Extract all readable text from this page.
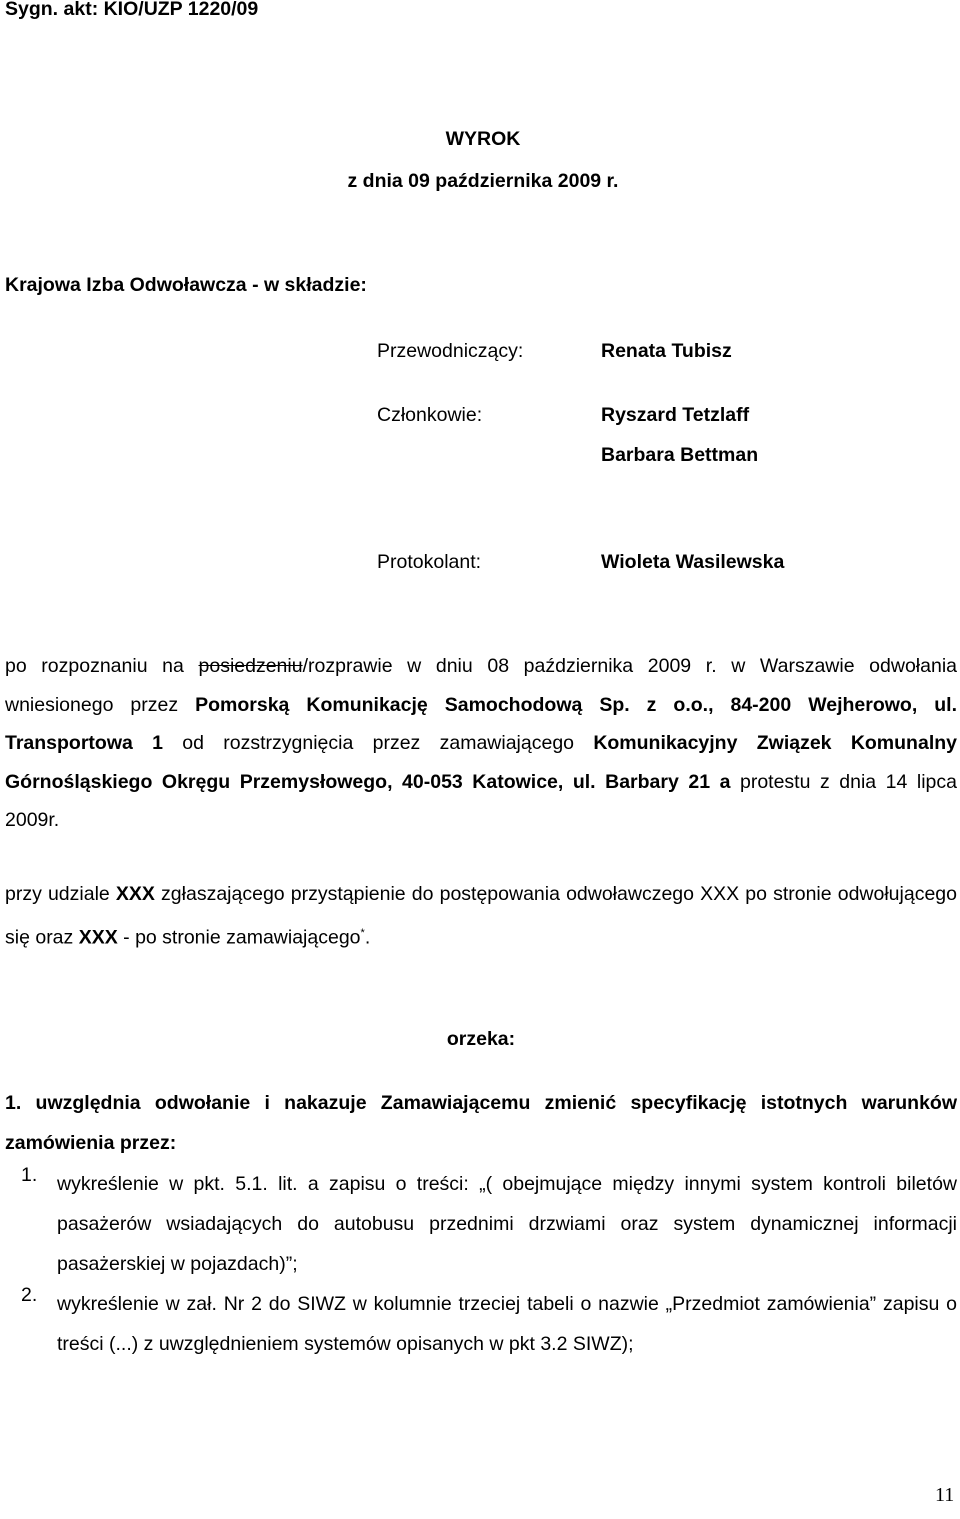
Sygn. akt: KIO/UZP 1220/09
WYROK
z dnia 09 października 2009 r.
Krajowa Izba Odwoławcza - w składzie:
Przewodniczący:	Renata Tubisz
Członkowie:	Ryszard Tetzlaff
Barbara Bettman
Protokolant:	Wioleta Wasilewska
po rozpoznaniu na posiedzeniu/rozprawie w dniu 08 października 2009 r. w Warszawie odwołania wniesionego przez Pomorską Komunikację Samochodową Sp. z o.o., 84-200 Wejherowo, ul. Transportowa 1 od rozstrzygnięcia przez zamawiającego Komunikacyjny Związek Komunalny Górnośląskiego Okręgu Przemysłowego, 40-053 Katowice, ul. Barbary 21 a protestu z dnia 14 lipca 2009r.
przy udziale XXX zgłaszającego przystąpienie do postępowania odwoławczego XXX po stronie odwołującego się oraz XXX - po stronie zamawiającego*.
orzeka:
1. uwzględnia odwołanie i nakazuje Zamawiającemu zmienić specyfikację istotnych warunków zamówienia przez:
1. wykreślenie w pkt. 5.1. lit. a zapisu o treści: „( obejmujące między innymi system kontroli biletów pasażerów wsiadających do autobusu przednimi drzwiami oraz system dynamicznej informacji pasażerskiej w pojazdach)”;
2. wykreślenie w zał. Nr 2 do SIWZ w kolumnie trzeciej tabeli o nazwie „Przedmiot zamówienia” zapisu o treści (...) z uwzględnieniem systemów opisanych w pkt 3.2 SIWZ);
11
